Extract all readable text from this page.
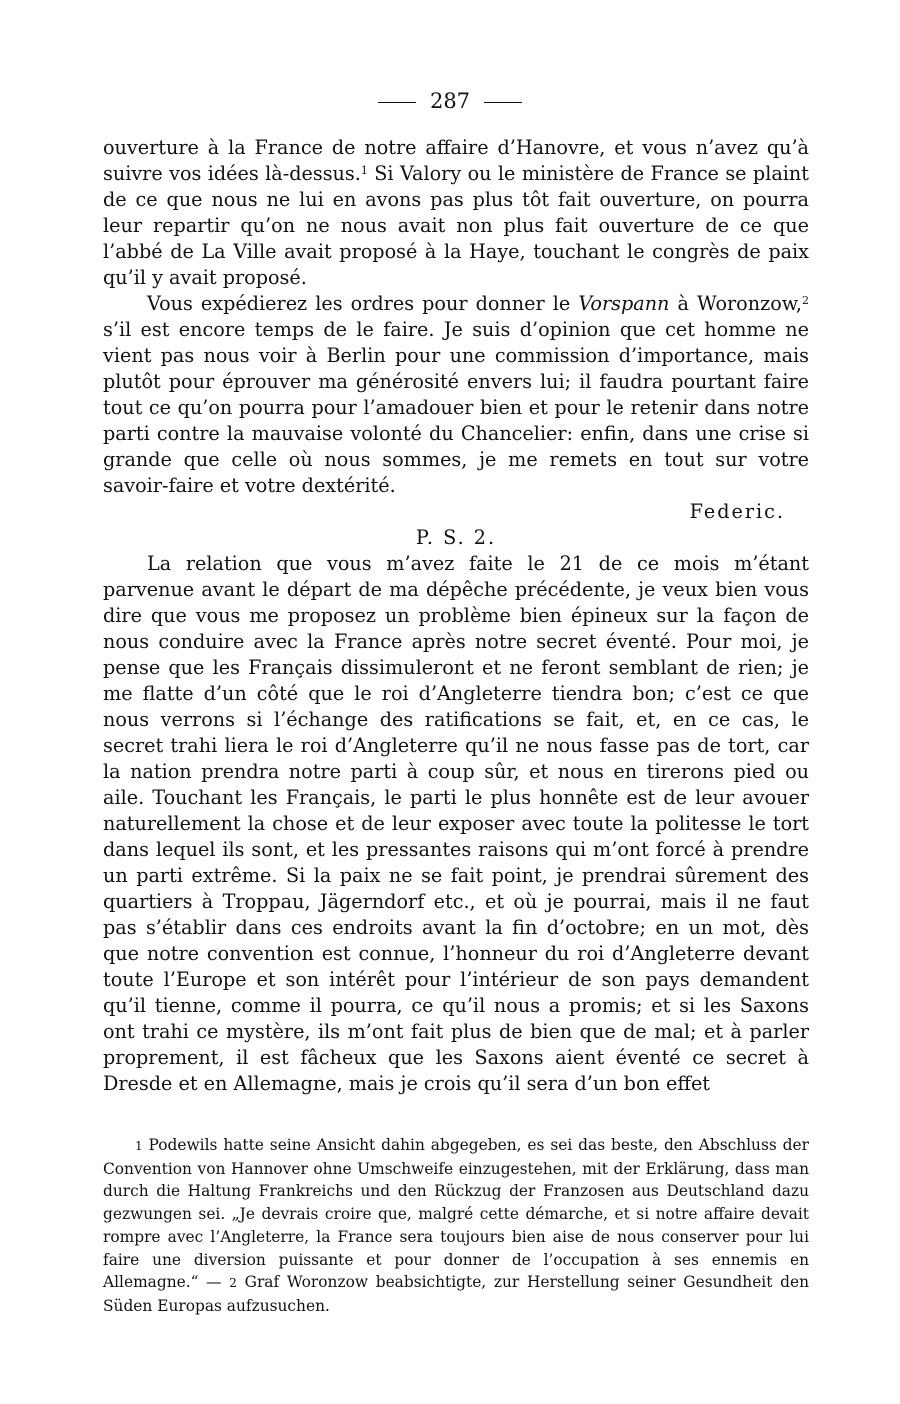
287

ouverture à la France de notre affaire d’Hanovre, et vous n’avez qu’à suivre vos idées là-dessus.$^1$ Si Valory ou le ministère de France se plaint de ce que nous ne lui en avons pas plus tôt fait ouverture, on pourra leur repartir qu’on ne nous avait non plus fait ouverture de ce que l’abbé de La Ville avait proposé à la Haye, touchant le congrès de paix qu’il y avait proposé.

Vous expédierez les ordres pour donner le Vorspann à Woronzow,$^2$ s’il est encore temps de le faire. Je suis d’opinion que cet homme ne vient pas nous voir à Berlin pour une commission d’importance, mais plutôt pour éprouver ma générosité envers lui; il faudra pourtant faire tout ce qu’on pourra pour l’amadouer bien et pour le retenir dans notre parti contre la mauvaise volonté du Chancelier: enfin, dans une crise si grande que celle où nous sommes, je me remets en tout sur votre savoir-faire et votre dextérité.

Federic.

P. S. 2.

La relation que vous m’avez faite le 21 de ce mois m’étant parvenue avant le départ de ma dépêche précédente, je veux bien vous dire que vous me proposez un problème bien épineux sur la façon de nous conduire avec la France après notre secret éventé. Pour moi, je pense que les Français dissimuleront et ne feront semblant de rien; je me flatte d’un côté que le roi d’Angleterre tiendra bon; c’est ce que nous verrons si l’échange des ratifications se fait, et, en ce cas, le secret trahi liera le roi d’Angleterre qu’il ne nous fasse pas de tort, car la nation prendra notre parti à coup sûr, et nous en tirerons pied ou aile. Touchant les Français, le parti le plus honnête est de leur avouer naturellement la chose et de leur exposer avec toute la politesse le tort dans lequel ils sont, et les pressantes raisons qui m’ont forcé à prendre un parti extrême. Si la paix ne se fait point, je prendrai sûrement des quartiers à Troppau, Jägerndorf etc., et où je pourrai, mais il ne faut pas s’établir dans ces endroits avant la fin d’octobre; en un mot, dès que notre convention est connue, l’honneur du roi d’Angleterre devant toute l’Europe et son intérêt pour l’intérieur de son pays demandent qu’il tienne, comme il pourra, ce qu’il nous a promis; et si les Saxons ont trahi ce mystère, ils m’ont fait plus de bien que de mal; et à parler proprement, il est fâcheux que les Saxons aient éventé ce secret à Dresde et en Allemagne, mais je crois qu’il sera d’un bon effet

1 Podewils hatte seine Ansicht dahin abgegeben, es sei das beste, den Abschluss der Convention von Hannover ohne Umschweife einzugestehen, mit der Erklärung, dass man durch die Haltung Frankreichs und den Rückzug der Franzosen aus Deutschland dazu gezwungen sei. „Je devrais croire que, malgré cette démarche, et si notre affaire devait rompre avec l’Angleterre, la France sera toujours bien aise de nous conserver pour lui faire une diversion puissante et pour donner de l’occupation à ses ennemis en Allemagne.“ — 2 Graf Woronzow beabsichtigte, zur Herstellung seiner Gesundheit den Süden Europas aufzusuchen.
